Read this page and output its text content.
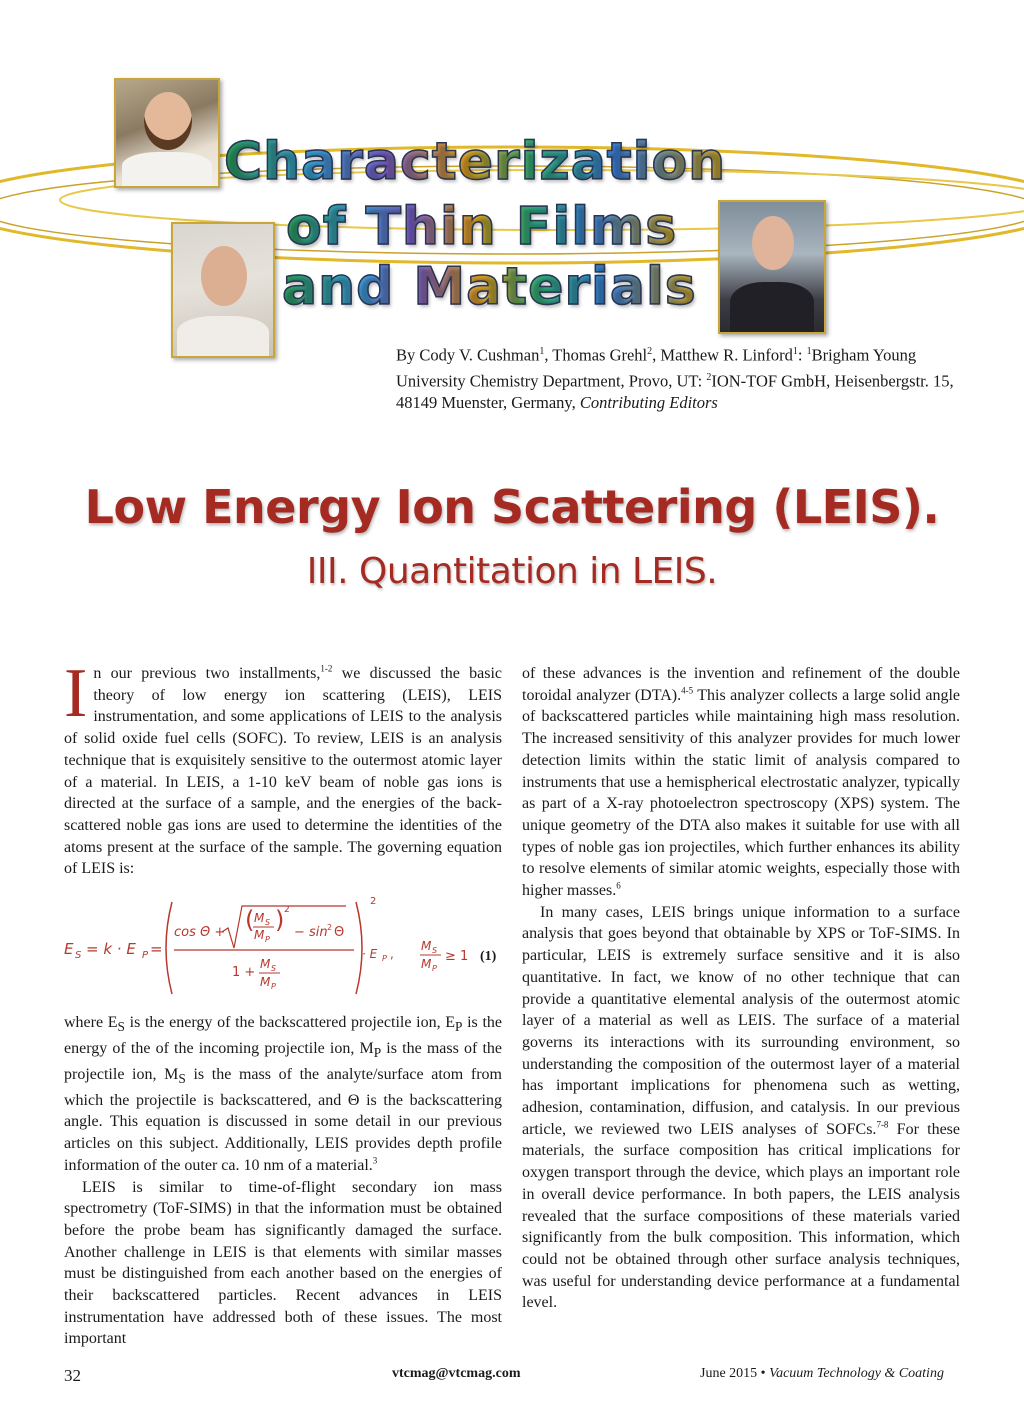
Characterization
of Thin Films
and Materials
By Cody V. Cushman$^1$, Thomas Grehl$^2$, Matthew R. Linford$^1$: $^1$Brigham Young University Chemistry Department, Provo, UT: $^2$ION-TOF GmbH, Heisenbergstr. 15, 48149 Muenster, Germany, Contributing Editors
Low Energy Ion Scattering (LEIS).
III. Quantitation in LEIS.

In our previous two installments,$^{1-2}$ we discussed the basic theory of low energy ion scattering (LEIS), LEIS instrumentation, and some applications of LEIS to the analysis of solid oxide fuel cells (SOFC). To review, LEIS is an analysis technique that is exquisitely sensitive to the outermost atomic layer of a material. In LEIS, a 1-10 keV beam of noble gas ions is directed at the surface of a sample, and the energies of the back-scattered noble gas ions are used to determine the identities of the atoms present at the surface of the sample. The governing equation of LEIS is:

E S = k · E P =
cos Θ + ( M S
M P
) 2
− sin 2 Θ
1 +
M S
M P
2
· E P ,
M S
M P
≥ 1 (1)

where $E_S$ is the energy of the backscattered projectile ion, $E_P$ is the energy of the of the incoming projectile ion, $M_P$ is the mass of the projectile ion, $M_S$ is the mass of the analyte/surface atom from which the projectile is backscattered, and Θ is the backscattering angle. This equation is discussed in some detail in our previous articles on this subject. Additionally, LEIS provides depth profile information of the outer ca. 10 nm of a material.$^3$

LEIS is similar to time-of-flight secondary ion mass spectrometry (ToF-SIMS) in that the information must be obtained before the probe beam has significantly damaged the surface. Another challenge in LEIS is that elements with similar masses must be distinguished from each another based on the energies of their backscattered particles. Recent advances in LEIS instrumentation have addressed both of these issues. The most important

of these advances is the invention and refinement of the double toroidal analyzer (DTA).$^{4-5}$ This analyzer collects a large solid angle of backscattered particles while maintaining high mass resolution. The increased sensitivity of this analyzer provides for much lower detection limits within the static limit of analysis compared to instruments that use a hemispherical electrostatic analyzer, typically as part of a X-ray photoelectron spectroscopy (XPS) system. The unique geometry of the DTA also makes it suitable for use with all types of noble gas ion projectiles, which further enhances its ability to resolve elements of similar atomic weights, especially those with higher masses.$^6$

In many cases, LEIS brings unique information to a surface analysis that goes beyond that obtainable by XPS or ToF-SIMS. In particular, LEIS is extremely surface sensitive and it is also quantitative. In fact, we know of no other technique that can provide a quantitative elemental analysis of the outermost atomic layer of a material as well as LEIS. The surface of a material governs its interactions with its surrounding environment, so understanding the composition of the outermost layer of a material has important implications for phenomena such as wetting, adhesion, contamination, diffusion, and catalysis. In our previous article, we reviewed two LEIS analyses of SOFCs.$^{7-8}$ For these materials, the surface composition has critical implications for oxygen transport through the device, which plays an important role in overall device performance. In both papers, the LEIS analysis revealed that the surface compositions of these materials varied significantly from the bulk composition. This information, which could not be obtained through other surface analysis techniques, was useful for understanding device performance at a fundamental level.

32	vtcmag@vtcmag.com	June 2015 • Vacuum Technology & Coating
